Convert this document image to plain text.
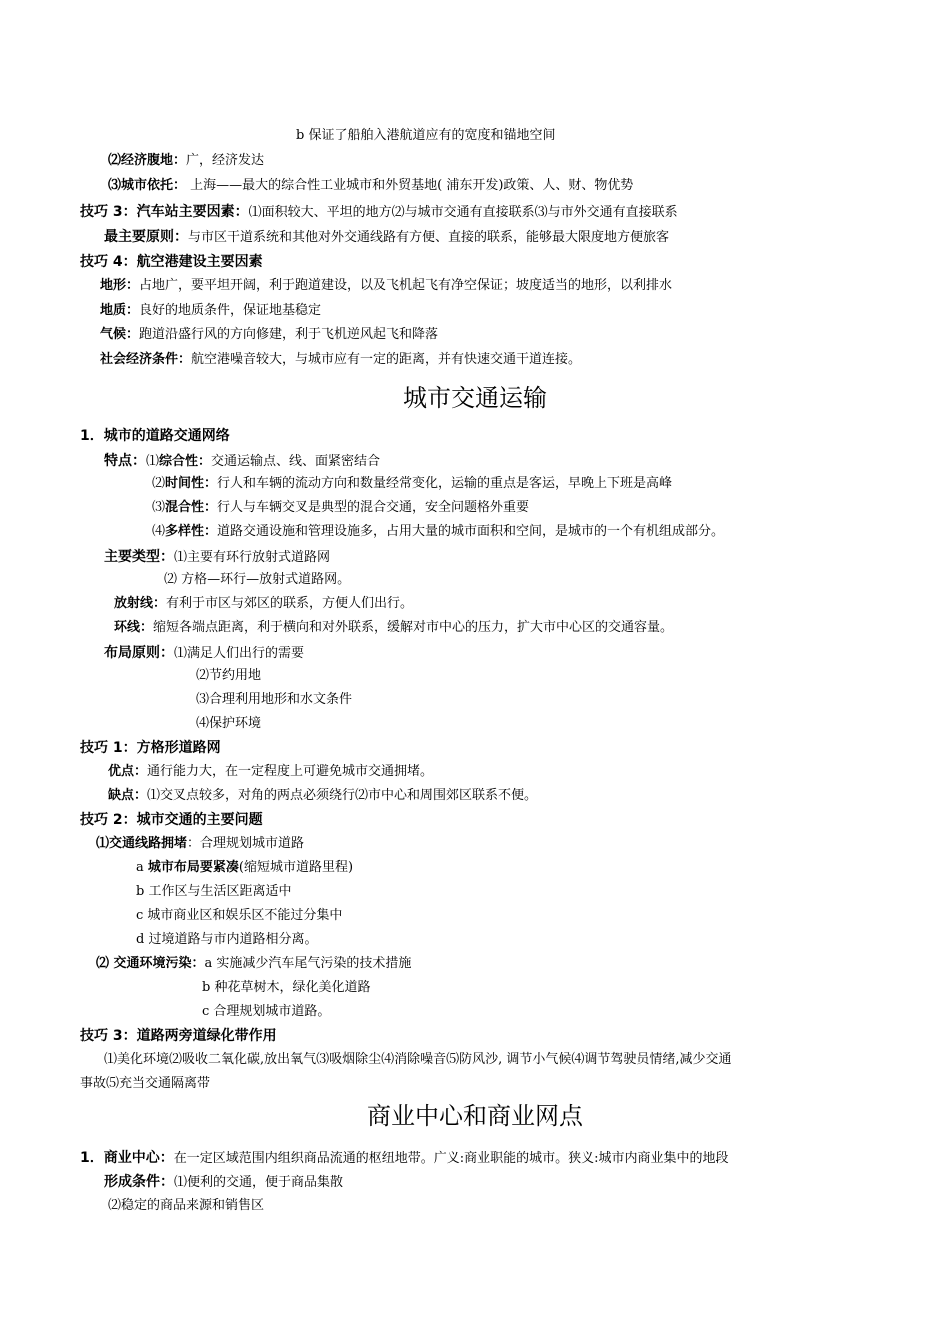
b 保证了船舶入港航道应有的宽度和锚地空间
⑵经济腹地：广，经济发达
⑶城市依托： 上海——最大的综合性工业城市和外贸基地( 浦东开发)政策、人、财、物优势
技巧 3：汽车站主要因素：⑴面积较大、平坦的地方⑵与城市交通有直接联系⑶与市外交通有直接联系
最主要原则：与市区干道系统和其他对外交通线路有方便、直接的联系，能够最大限度地方便旅客
技巧 4：航空港建设主要因素
地形：占地广，要平坦开阔，利于跑道建设，以及飞机起飞有净空保证；坡度适当的地形，以利排水
地质：良好的地质条件，保证地基稳定
气候：跑道沿盛行风的方向修建，利于飞机逆风起飞和降落
社会经济条件：航空港噪音较大，与城市应有一定的距离，并有快速交通干道连接。
城市交通运输
1．城市的道路交通网络
特点：⑴综合性：交通运输点、线、面紧密结合
⑵时间性：行人和车辆的流动方向和数量经常变化，运输的重点是客运，早晚上下班是高峰
⑶混合性：行人与车辆交叉是典型的混合交通，安全问题格外重要
⑷多样性：道路交通设施和管理设施多，占用大量的城市面积和空间，是城市的一个有机组成部分。
主要类型：⑴主要有环行放射式道路网
⑵ 方格—环行—放射式道路网。
放射线：有利于市区与郊区的联系，方便人们出行。
环线：缩短各端点距离，利于横向和对外联系，缓解对市中心的压力，扩大市中心区的交通容量。
布局原则：⑴满足人们出行的需要
⑵节约用地
⑶合理利用地形和水文条件
⑷保护环境
技巧 1：方格形道路网
优点：通行能力大，在一定程度上可避免城市交通拥堵。
缺点：⑴交叉点较多，对角的两点必须绕行⑵市中心和周围郊区联系不便。
技巧 2：城市交通的主要问题
⑴交通线路拥堵：合理规划城市道路
a 城市布局要紧凑(缩短城市道路里程)
b 工作区与生活区距离适中
c 城市商业区和娱乐区不能过分集中
d 过境道路与市内道路相分离。
⑵ 交通环境污染：a 实施减少汽车尾气污染的技术措施
b 种花草树木，绿化美化道路
c 合理规划城市道路。
技巧 3：道路两旁道绿化带作用
⑴美化环境⑵吸收二氧化碳,放出氧气⑶吸烟除尘⑷消除噪音⑸防风沙, 调节小气候⑷调节驾驶员情绪,减少交通
事故⑸充当交通隔离带
商业中心和商业网点
1．商业中心：在一定区域范围内组织商品流通的枢纽地带。广义:商业职能的城市。狭义:城市内商业集中的地段
形成条件：⑴便利的交通，便于商品集散
⑵稳定的商品来源和销售区
